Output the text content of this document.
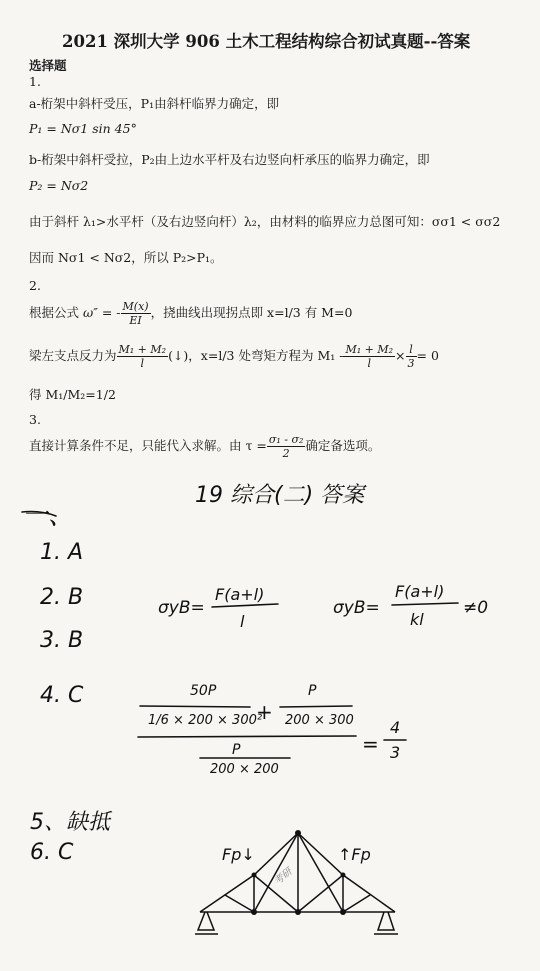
2021 深圳大学 906 土木工程结构综合初试真题--答案
选择题
1.
a-桁架中斜杆受压，P₁由斜杆临界力确定，即
P₁ = Nσ1 sin 45°
b-桁架中斜杆受拉，P₂由上边水平杆及右边竖向杆承压的临界力确定，即
P₂ = Nσ2
由于斜杆 λ₁>水平杆（及右边竖向杆）λ₂，由材料的临界应力总图可知：σσ1 < σσ2
因而 Nσ1 < Nσ2，所以 P₂>P₁。
2.
根据公式 ω″ = - $\frac{M(x)}{EI}$ ，挠曲线出现拐点即 x=l/3 有 M=0
梁左支点反力为 $\frac{\text{M₁ + M₂}}{l}$ (↓)，x=l/3 处弯矩方程为 $M_1 - \frac{\text{M₁ + M₂}}{l} \times \frac{l}{3} = 0$
得 M₁/M₂=1/2
3.
直接计算条件不足，只能代入求解。由 $\tau = \frac{\text{σ₁ - σ₂}}{2}$ 确定备选项。
19 综合(二) 答案
一、
1. A
2. B
3. B
4. C
5、缺抵
6. C
σyB=
F(a+l)
l
σyB=
F(a+l)
kl
≠0
50P
1/6 × 200 × 300²
+
P
200 × 300
P
200 × 200
=
4
3
Fp↓	↑Fp
考研
